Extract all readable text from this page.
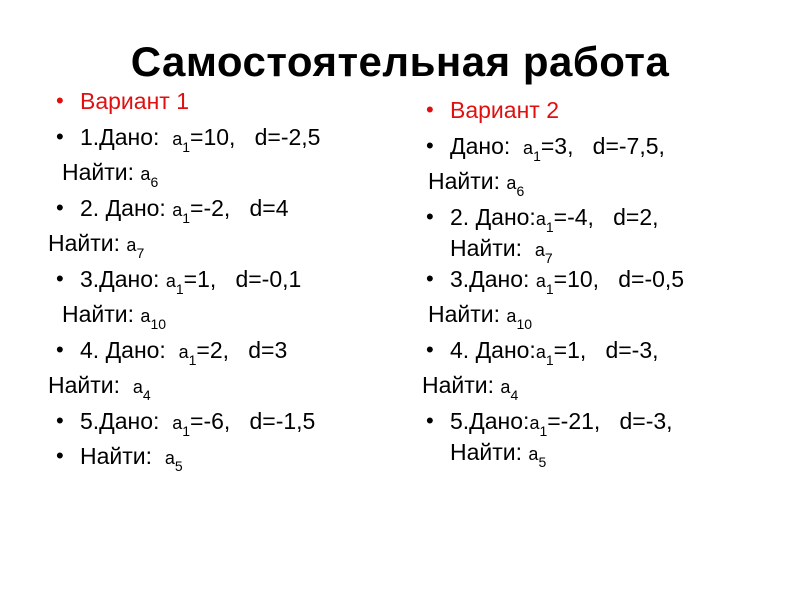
Самостоятельная работа
• Вариант 1
• 1.Дано: $a_1=10$, d=-2,5
Найти: $a_6$
• 2. Дано: $a_1=-2$, d=4
Найти: $a_7$
• 3.Дано: $a_1=1$, d=-0,1
Найти: $a_{10}$
• 4. Дано: $a_1=2$, d=3
Найти: $a_4$
• 5.Дано: $a_1=-6$, d=-1,5
• Найти: $a_5$
• Вариант 2
• Дано: $a_1=3$, d=-7,5,
Найти: $a_6$
• 2. $Дано:a_1=-4$, d=2,
Найти: $a_7$
• 3.Дано: $a_1=10$, d=-0,5
Найти: $a_{10}$
• 4. $Дано:a_1=1$, d=-3,
Найти: $a_4$
• $5.Дано:a_1=-21$, d=-3,
Найти: $a_5$
